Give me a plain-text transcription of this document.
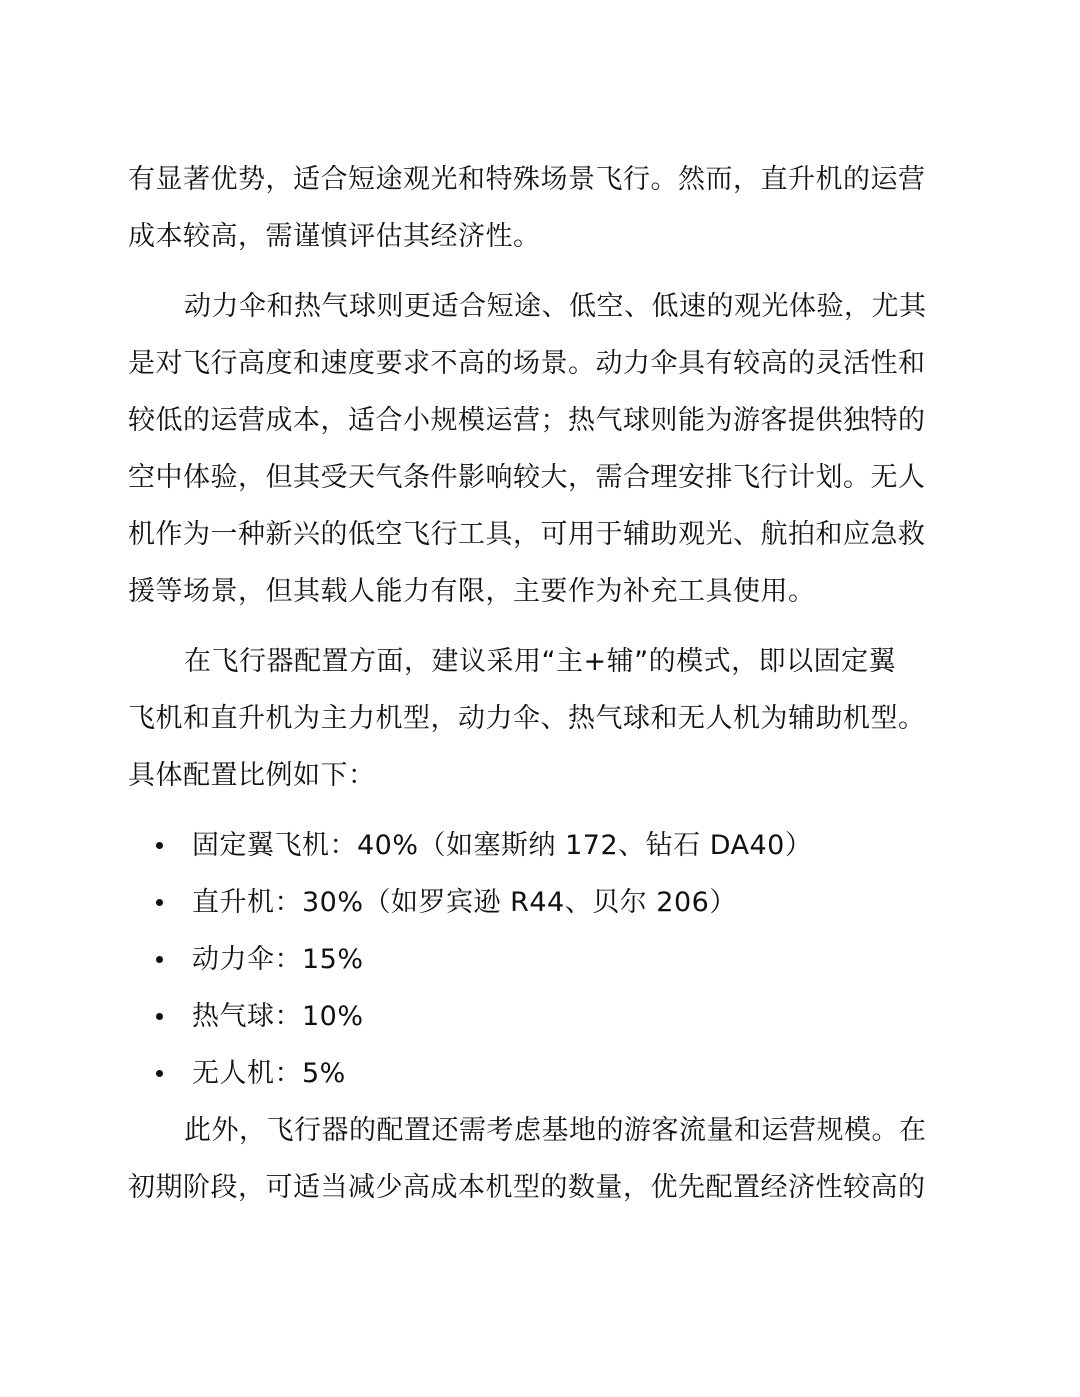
有显著优势，适合短途观光和特殊场景飞行。然而，直升机的运营
成本较高，需谨慎评估其经济性。

动力伞和热气球则更适合短途、低空、低速的观光体验，尤其
是对飞行高度和速度要求不高的场景。动力伞具有较高的灵活性和
较低的运营成本，适合小规模运营；热气球则能为游客提供独特的
空中体验，但其受天气条件影响较大，需合理安排飞行计划。无人
机作为一种新兴的低空飞行工具，可用于辅助观光、航拍和应急救
援等场景，但其载人能力有限，主要作为补充工具使用。

在飞行器配置方面，建议采用“主+辅”的模式，即以固定翼
飞机和直升机为主力机型，动力伞、热气球和无人机为辅助机型。
具体配置比例如下：

固定翼飞机：40%（如塞斯纳 172、钻石 DA40）
直升机：30%（如罗宾逊 R44、贝尔 206）
动力伞：15%
热气球：10%
无人机：5%

此外，飞行器的配置还需考虑基地的游客流量和运营规模。在
初期阶段，可适当减少高成本机型的数量，优先配置经济性较高的
